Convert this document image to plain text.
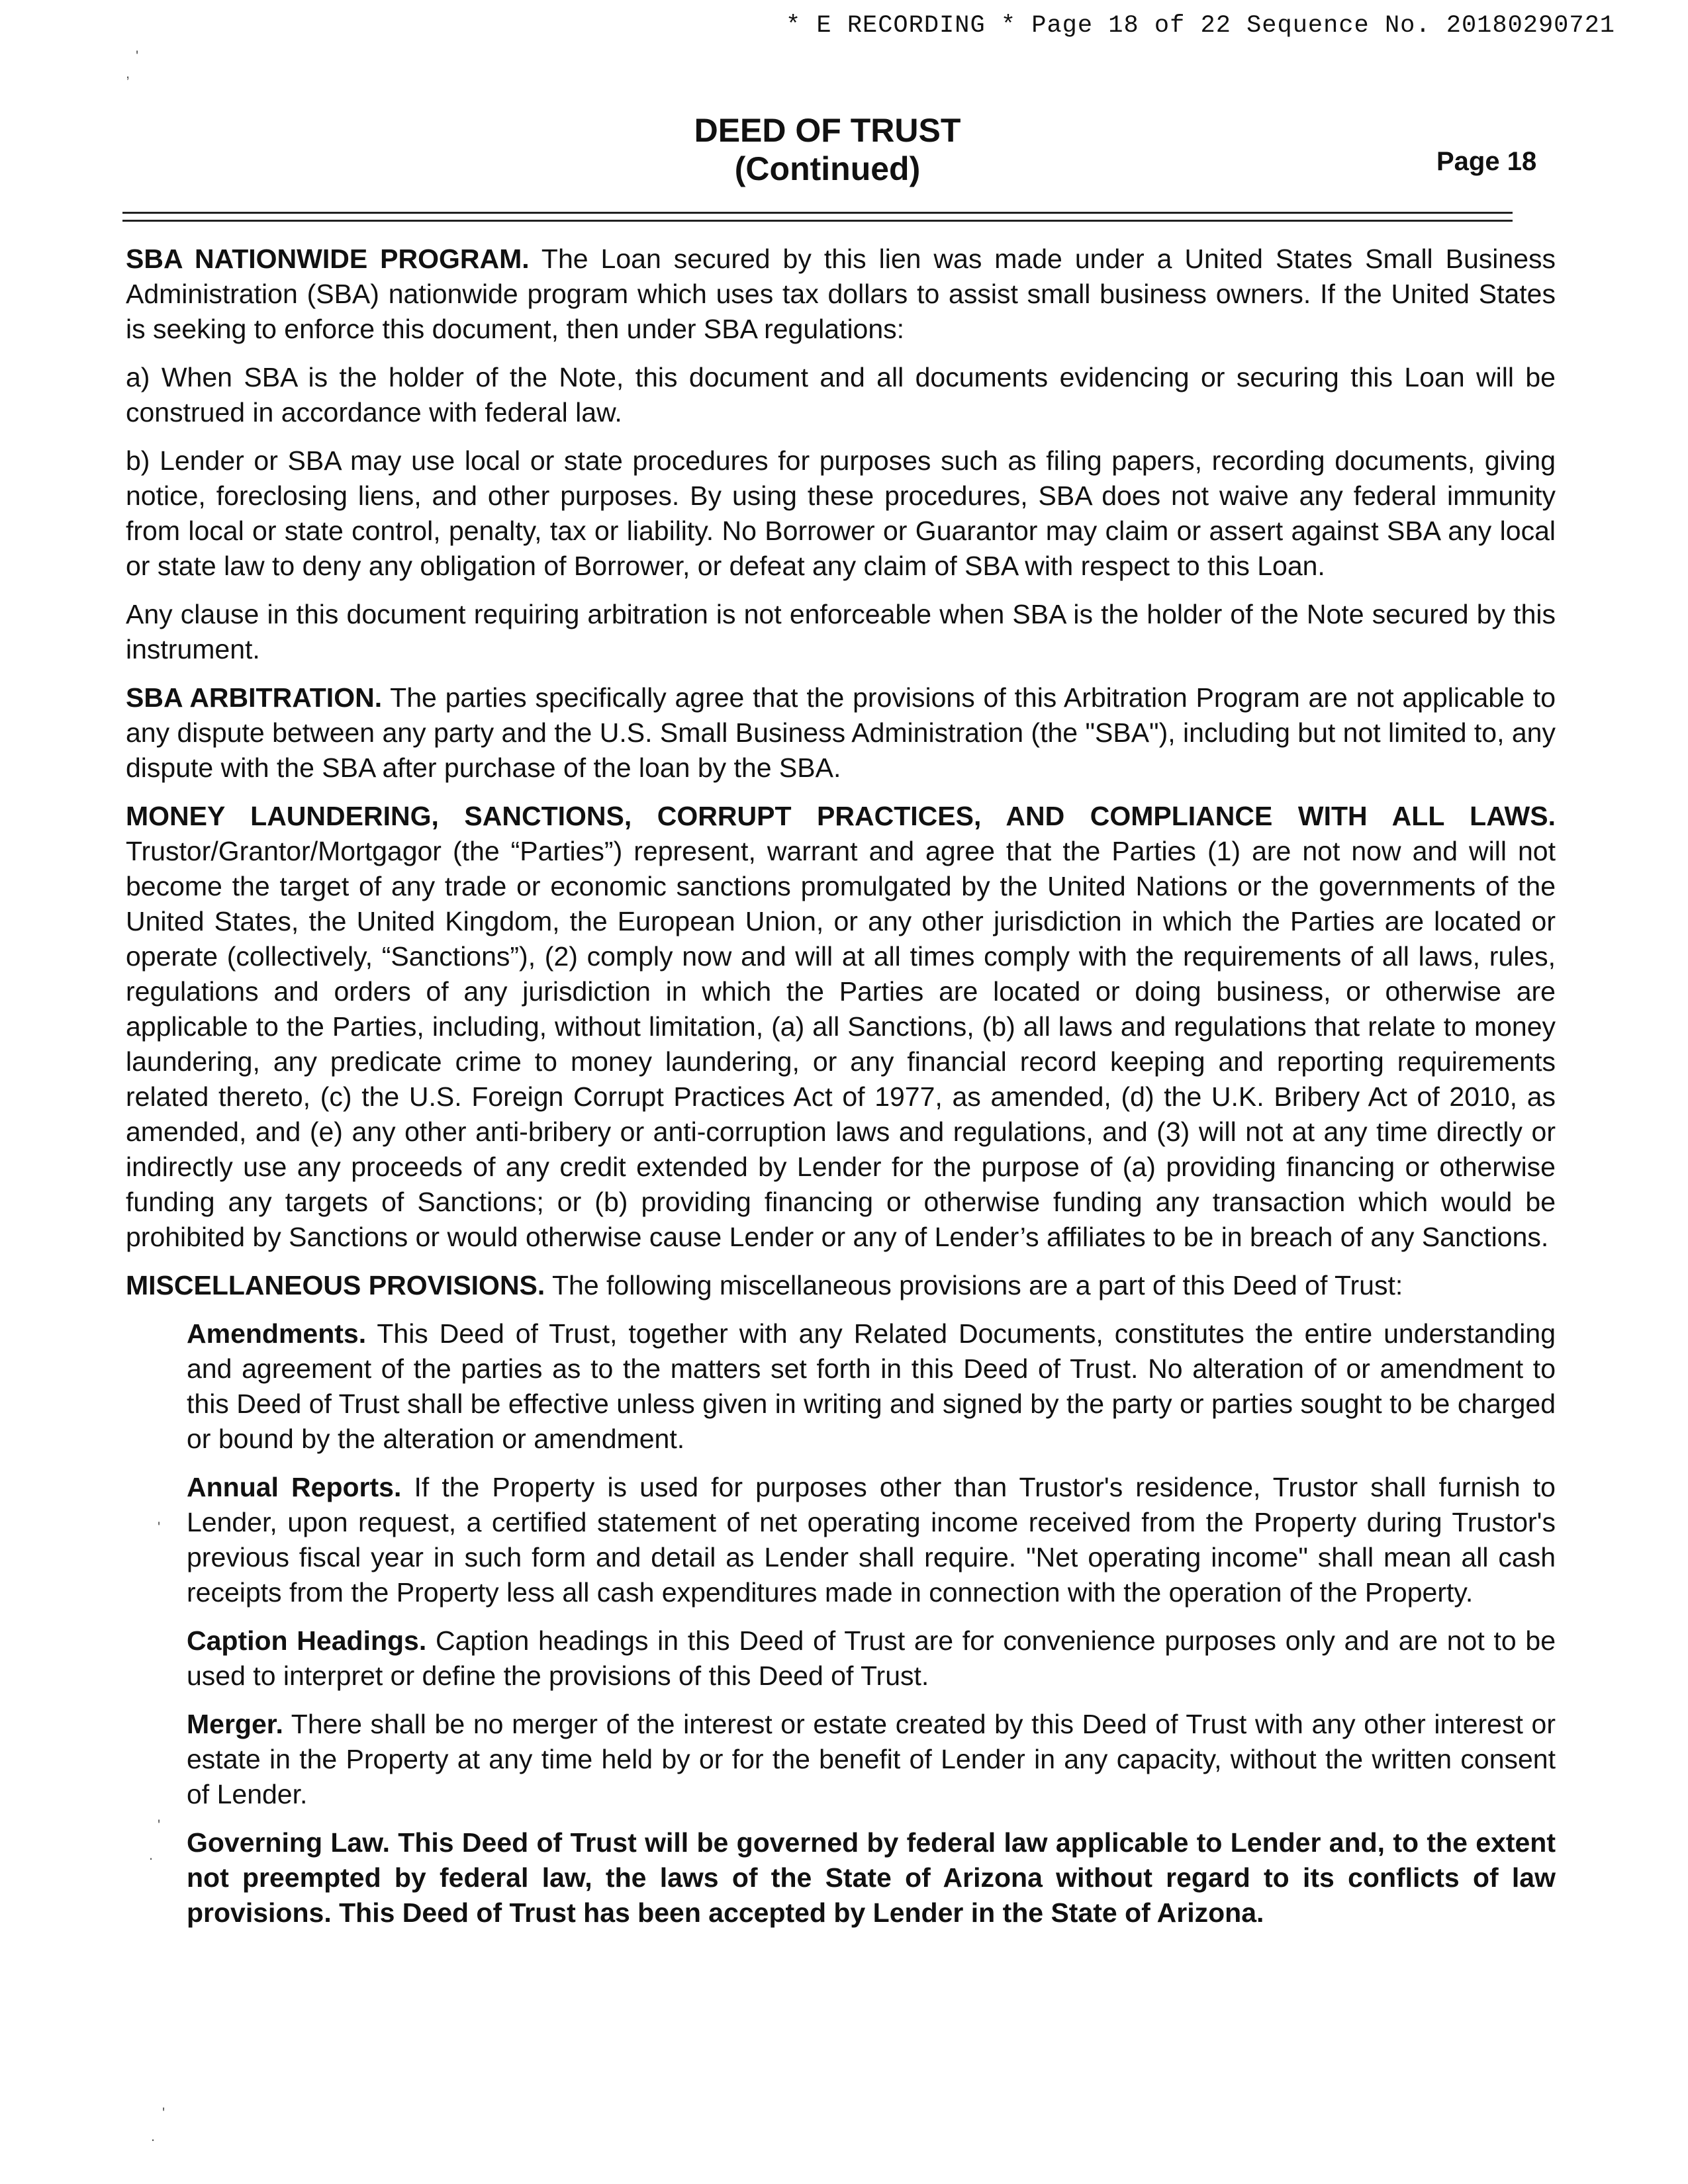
* E RECORDING * Page 18 of 22 Sequence No. 20180290721
'
,
DEED OF TRUST
(Continued)	Page 18

SBA NATIONWIDE PROGRAM. The Loan secured by this lien was made under a United States Small Business Administration (SBA) nationwide program which uses tax dollars to assist small business owners. If the United States is seeking to enforce this document, then under SBA regulations:

a) When SBA is the holder of the Note, this document and all documents evidencing or securing this Loan will be construed in accordance with federal law.

b) Lender or SBA may use local or state procedures for purposes such as filing papers, recording documents, giving notice, foreclosing liens, and other purposes. By using these procedures, SBA does not waive any federal immunity from local or state control, penalty, tax or liability. No Borrower or Guarantor may claim or assert against SBA any local or state law to deny any obligation of Borrower, or defeat any claim of SBA with respect to this Loan.

Any clause in this document requiring arbitration is not enforceable when SBA is the holder of the Note secured by this instrument.

SBA ARBITRATION. The parties specifically agree that the provisions of this Arbitration Program are not applicable to any dispute between any party and the U.S. Small Business Administration (the "SBA"), including but not limited to, any dispute with the SBA after purchase of the loan by the SBA.

MONEY LAUNDERING, SANCTIONS, CORRUPT PRACTICES, AND COMPLIANCE WITH ALL LAWS. Trustor/Grantor/Mortgagor (the “Parties”) represent, warrant and agree that the Parties (1) are not now and will not become the target of any trade or economic sanctions promulgated by the United Nations or the governments of the United States, the United Kingdom, the European Union, or any other jurisdiction in which the Parties are located or operate (collectively, “Sanctions”), (2) comply now and will at all times comply with the requirements of all laws, rules, regulations and orders of any jurisdiction in which the Parties are located or doing business, or otherwise are applicable to the Parties, including, without limitation, (a) all Sanctions, (b) all laws and regulations that relate to money laundering, any predicate crime to money laundering, or any financial record keeping and reporting requirements related thereto, (c) the U.S. Foreign Corrupt Practices Act of 1977, as amended, (d) the U.K. Bribery Act of 2010, as amended, and (e) any other anti-bribery or anti-corruption laws and regulations, and (3) will not at any time directly or indirectly use any proceeds of any credit extended by Lender for the purpose of (a) providing financing or otherwise funding any targets of Sanctions; or (b) providing financing or otherwise funding any transaction which would be prohibited by Sanctions or would otherwise cause Lender or any of Lender’s affiliates to be in breach of any Sanctions.

MISCELLANEOUS PROVISIONS. The following miscellaneous provisions are a part of this Deed of Trust:

Amendments. This Deed of Trust, together with any Related Documents, constitutes the entire understanding and agreement of the parties as to the matters set forth in this Deed of Trust. No alteration of or amendment to this Deed of Trust shall be effective unless given in writing and signed by the party or parties sought to be charged or bound by the alteration or amendment.

Annual Reports. If the Property is used for purposes other than Trustor's residence, Trustor shall furnish to Lender, upon request, a certified statement of net operating income received from the Property during Trustor's previous fiscal year in such form and detail as Lender shall require. "Net operating income" shall mean all cash receipts from the Property less all cash expenditures made in connection with the operation of the Property.

Caption Headings. Caption headings in this Deed of Trust are for convenience purposes only and are not to be used to interpret or define the provisions of this Deed of Trust.

Merger. There shall be no merger of the interest or estate created by this Deed of Trust with any other interest or estate in the Property at any time held by or for the benefit of Lender in any capacity, without the written consent of Lender.

Governing Law. This Deed of Trust will be governed by federal law applicable to Lender and, to the extent not preempted by federal law, the laws of the State of Arizona without regard to its conflicts of law provisions. This Deed of Trust has been accepted by Lender in the State of Arizona.

'
'
.
'
.
